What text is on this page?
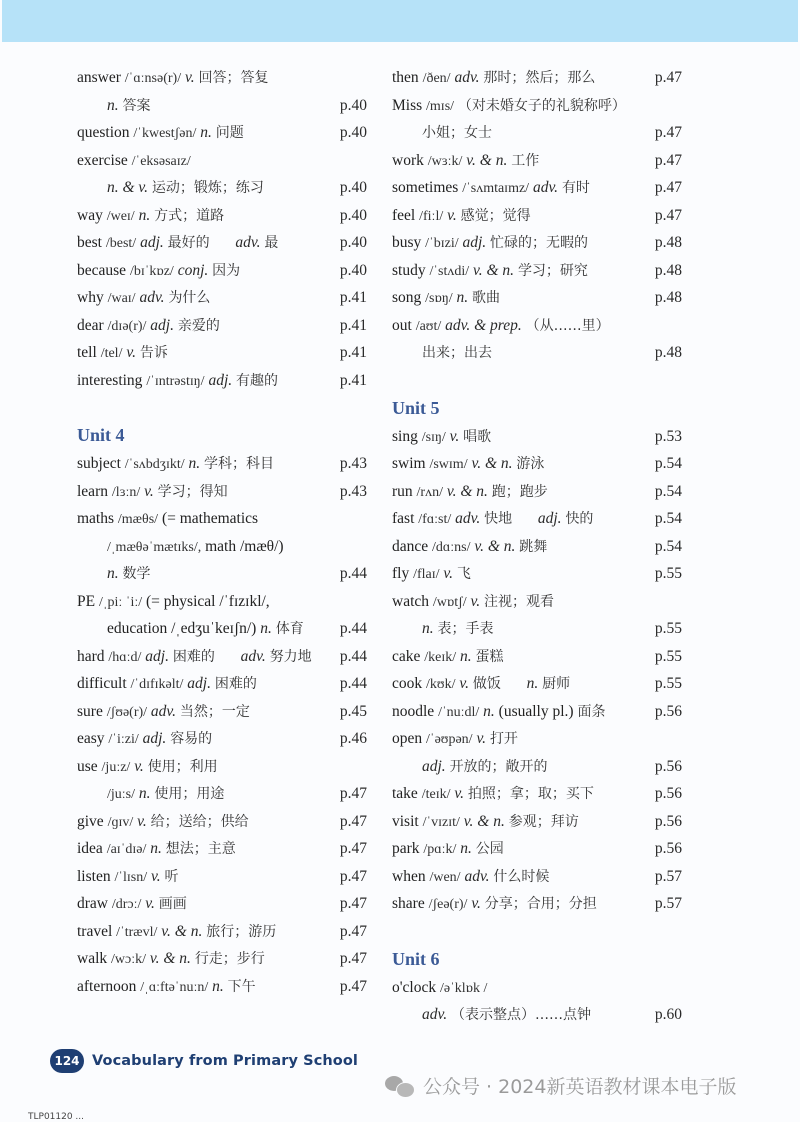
answer /ˈɑːnsə(r)/ v. 回答；答复
n. 答案	p.40
question /ˈkwestʃən/ n. 问题	p.40
exercise /ˈeksəsaɪz/
n. & v. 运动；锻炼；练习	p.40
way /weɪ/ n. 方式；道路	p.40
best /best/ adj. 最好的 adv. 最	p.40
because /bɪˈkɒz/ conj. 因为	p.40
why /waɪ/ adv. 为什么	p.41
dear /dɪə(r)/ adj. 亲爱的	p.41
tell /tel/ v. 告诉	p.41
interesting /ˈɪntrəstɪŋ/ adj. 有趣的	p.41
Unit 4
subject /ˈsʌbdʒɪkt/ n. 学科；科目	p.43
learn /lɜːn/ v. 学习；得知	p.43
maths /mæθs/ (= mathematics
/ˌmæθəˈmætɪks/, math /mæθ/)
n. 数学	p.44
PE /ˌpiː ˈiː/ (= physical /ˈfɪzɪkl/,
education /ˌedʒuˈkeɪʃn/) n. 体育 p.44
hard /hɑːd/ adj. 困难的 adv. 努力地 p.44
difficult /ˈdɪfɪkəlt/ adj. 困难的	p.44
sure /ʃʊə(r)/ adv. 当然；一定	p.45
easy /ˈiːzi/ adj. 容易的	p.46
use /juːz/ v. 使用；利用
/juːs/ n. 使用；用途	p.47
give /ɡɪv/ v. 给；送给；供给	p.47
idea /aɪˈdɪə/ n. 想法；主意	p.47
listen /ˈlɪsn/ v. 听	p.47
draw /drɔː/ v. 画画	p.47
travel /ˈtrævl/ v. & n. 旅行；游历	p.47
walk /wɔːk/ v. & n. 行走；步行	p.47
afternoon /ˌɑːftəˈnuːn/ n. 下午	p.47
then /ðen/ adv. 那时；然后；那么	p.47
Miss /mɪs/ （对未婚女子的礼貌称呼）
小姐；女士	p.47
work /wɜːk/ v. & n. 工作	p.47
sometimes /ˈsʌmtaɪmz/ adv. 有时	p.47
feel /fiːl/ v. 感觉；觉得	p.47
busy /ˈbɪzi/ adj. 忙碌的；无暇的	p.48
study /ˈstʌdi/ v. & n. 学习；研究	p.48
song /sɒŋ/ n. 歌曲	p.48
out /aʊt/ adv. & prep. （从……里）
出来；出去	p.48
Unit 5
sing /sɪŋ/ v. 唱歌	p.53
swim /swɪm/ v. & n. 游泳	p.54
run /rʌn/ v. & n. 跑；跑步	p.54
fast /fɑːst/ adv. 快地 adj. 快的	p.54
dance /dɑːns/ v. & n. 跳舞	p.54
fly /flaɪ/ v. 飞	p.55
watch /wɒtʃ/ v. 注视；观看
n. 表；手表	p.55
cake /keɪk/ n. 蛋糕	p.55
cook /kʊk/ v. 做饭 n. 厨师	p.55
noodle /ˈnuːdl/ n. (usually pl.) 面条	p.56
open /ˈəʊpən/ v. 打开
adj. 开放的；敞开的	p.56
take /teɪk/ v. 拍照；拿；取；买下	p.56
visit /ˈvɪzɪt/ v. & n. 参观；拜访	p.56
park /pɑːk/ n. 公园	p.56
when /wen/ adv. 什么时候	p.57
share /ʃeə(r)/ v. 分享；合用；分担	p.57
Unit 6
o'clock /əˈklɒk /
adv. （表示整点）……点钟	p.60
124 Vocabulary from Primary School
公众号 · 2024新英语教材课本电子版
TLP01120 ...
